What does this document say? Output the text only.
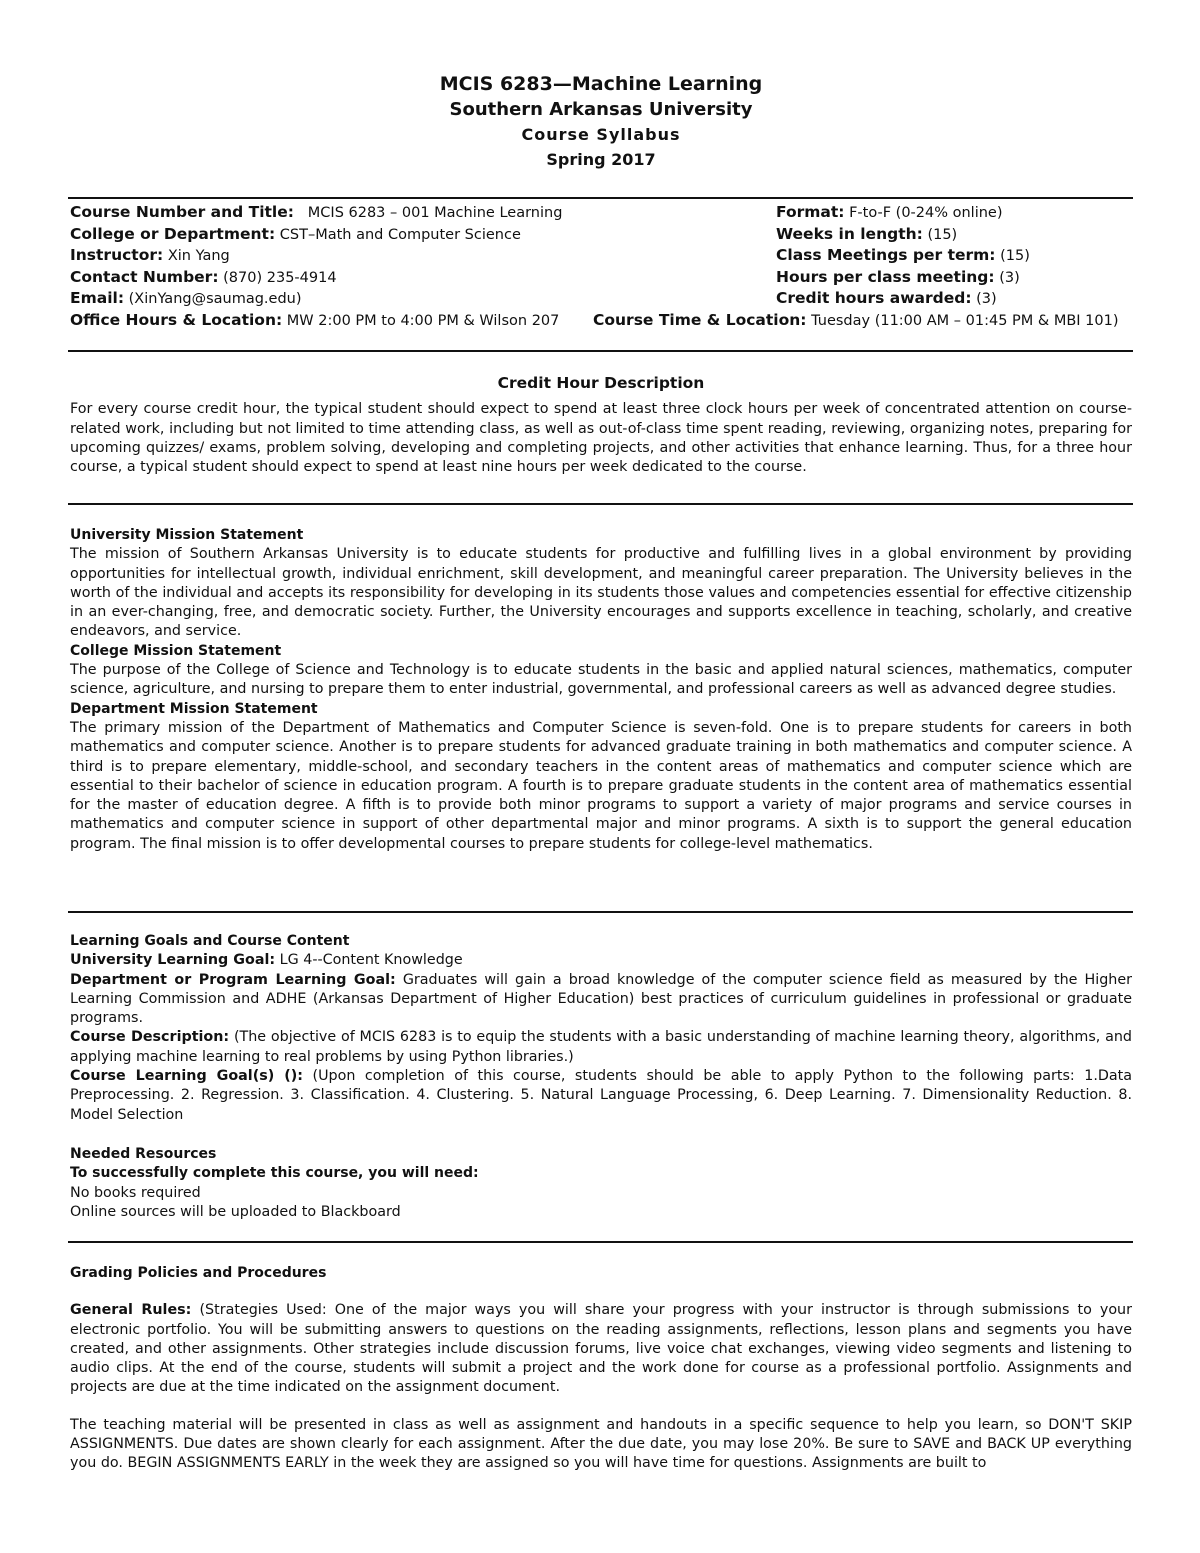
MCIS 6283—Machine Learning
Southern Arkansas University
Course Syllabus
Spring 2017
Course Number and Title: MCIS 6283 – 001 Machine Learning	Format: F-to-F (0-24% online)
College or Department: CST–Math and Computer Science	Weeks in length: (15)
Instructor: Xin Yang	Class Meetings per term: (15)
Contact Number: (870) 235-4914	Hours per class meeting: (3)
Email: (XinYang@saumag.edu)	Credit hours awarded: (3)
Office Hours & Location: MW 2:00 PM to 4:00 PM & Wilson 207 Course Time & Location: Tuesday (11:00 AM – 01:45 PM & MBI 101)
Credit Hour Description

For every course credit hour, the typical student should expect to spend at least three clock hours per week of concentrated attention on course-related work, including but not limited to time attending class, as well as out-of-class time spent reading, reviewing, organizing notes, preparing for upcoming quizzes/ exams, problem solving, developing and completing projects, and other activities that enhance learning. Thus, for a three hour course, a typical student should expect to spend at least nine hours per week dedicated to the course.

University Mission Statement

The mission of Southern Arkansas University is to educate students for productive and fulfilling lives in a global environment by providing opportunities for intellectual growth, individual enrichment, skill development, and meaningful career preparation. The University believes in the worth of the individual and accepts its responsibility for developing in its students those values and competencies essential for effective citizenship in an ever-changing, free, and democratic society. Further, the University encourages and supports excellence in teaching, scholarly, and creative endeavors, and service.

College Mission Statement

The purpose of the College of Science and Technology is to educate students in the basic and applied natural sciences, mathematics, computer science, agriculture, and nursing to prepare them to enter industrial, governmental, and professional careers as well as advanced degree studies.

Department Mission Statement

The primary mission of the Department of Mathematics and Computer Science is seven-fold. One is to prepare students for careers in both mathematics and computer science. Another is to prepare students for advanced graduate training in both mathematics and computer science. A third is to prepare elementary, middle-school, and secondary teachers in the content areas of mathematics and computer science which are essential to their bachelor of science in education program. A fourth is to prepare graduate students in the content area of mathematics essential for the master of education degree. A fifth is to provide both minor programs to support a variety of major programs and service courses in mathematics and computer science in support of other departmental major and minor programs. A sixth is to support the general education program. The final mission is to offer developmental courses to prepare students for college-level mathematics.

Learning Goals and Course Content

University Learning Goal: LG 4--Content Knowledge

Department or Program Learning Goal: Graduates will gain a broad knowledge of the computer science field as measured by the Higher Learning Commission and ADHE (Arkansas Department of Higher Education) best practices of curriculum guidelines in professional or graduate programs.

Course Description: (The objective of MCIS 6283 is to equip the students with a basic understanding of machine learning theory, algorithms, and applying machine learning to real problems by using Python libraries.)

Course Learning Goal(s) (): (Upon completion of this course, students should be able to apply Python to the following parts: 1.Data Preprocessing. 2. Regression. 3. Classification. 4. Clustering. 5. Natural Language Processing, 6. Deep Learning. 7. Dimensionality Reduction. 8. Model Selection

Needed Resources
To successfully complete this course, you will need:

No books required

Online sources will be uploaded to Blackboard

Grading Policies and Procedures

General Rules: (Strategies Used: One of the major ways you will share your progress with your instructor is through submissions to your electronic portfolio. You will be submitting answers to questions on the reading assignments, reflections, lesson plans and segments you have created, and other assignments. Other strategies include discussion forums, live voice chat exchanges, viewing video segments and listening to audio clips. At the end of the course, students will submit a project and the work done for course as a professional portfolio. Assignments and projects are due at the time indicated on the assignment document.

The teaching material will be presented in class as well as assignment and handouts in a specific sequence to help you learn, so DON'T SKIP ASSIGNMENTS. Due dates are shown clearly for each assignment. After the due date, you may lose 20%. Be sure to SAVE and BACK UP everything you do. BEGIN ASSIGNMENTS EARLY in the week they are assigned so you will have time for questions. Assignments are built to
